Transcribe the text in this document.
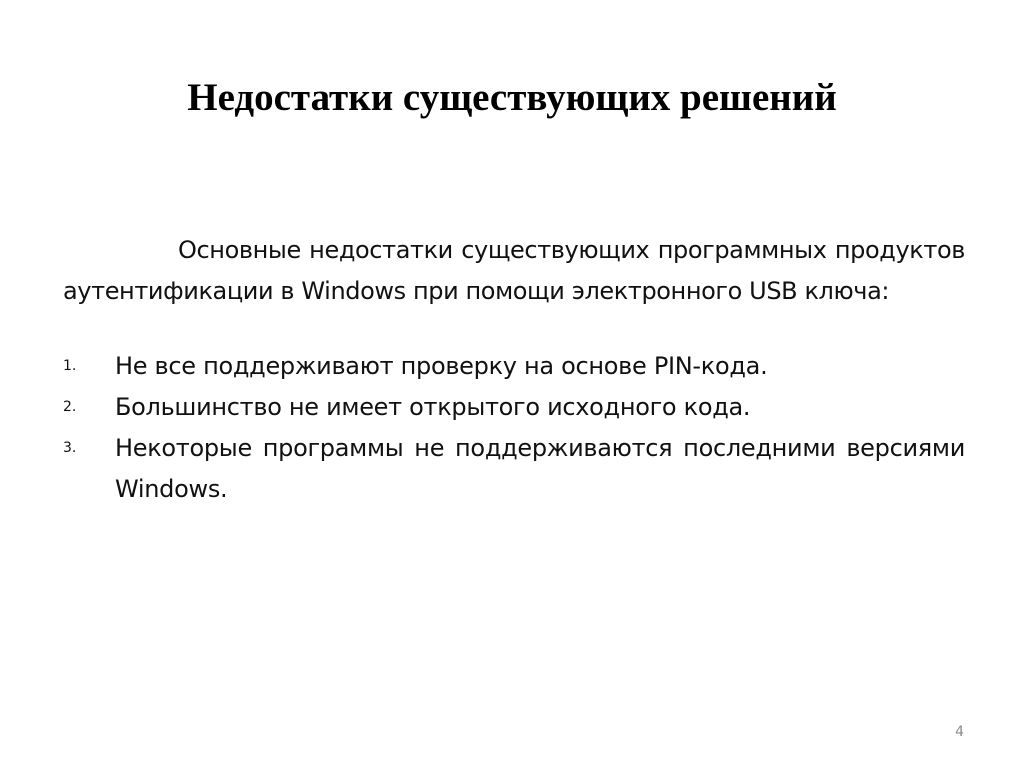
Недостатки существующих решений

Основные недостатки существующих программных продуктов аутентификации в Windows при помощи электронного USB ключа:

1. Не все поддерживают проверку на основе PIN-кода.
2. Большинство не имеет открытого исходного кода.
3. Некоторые программы не поддерживаются последними версиями Windows.
4
